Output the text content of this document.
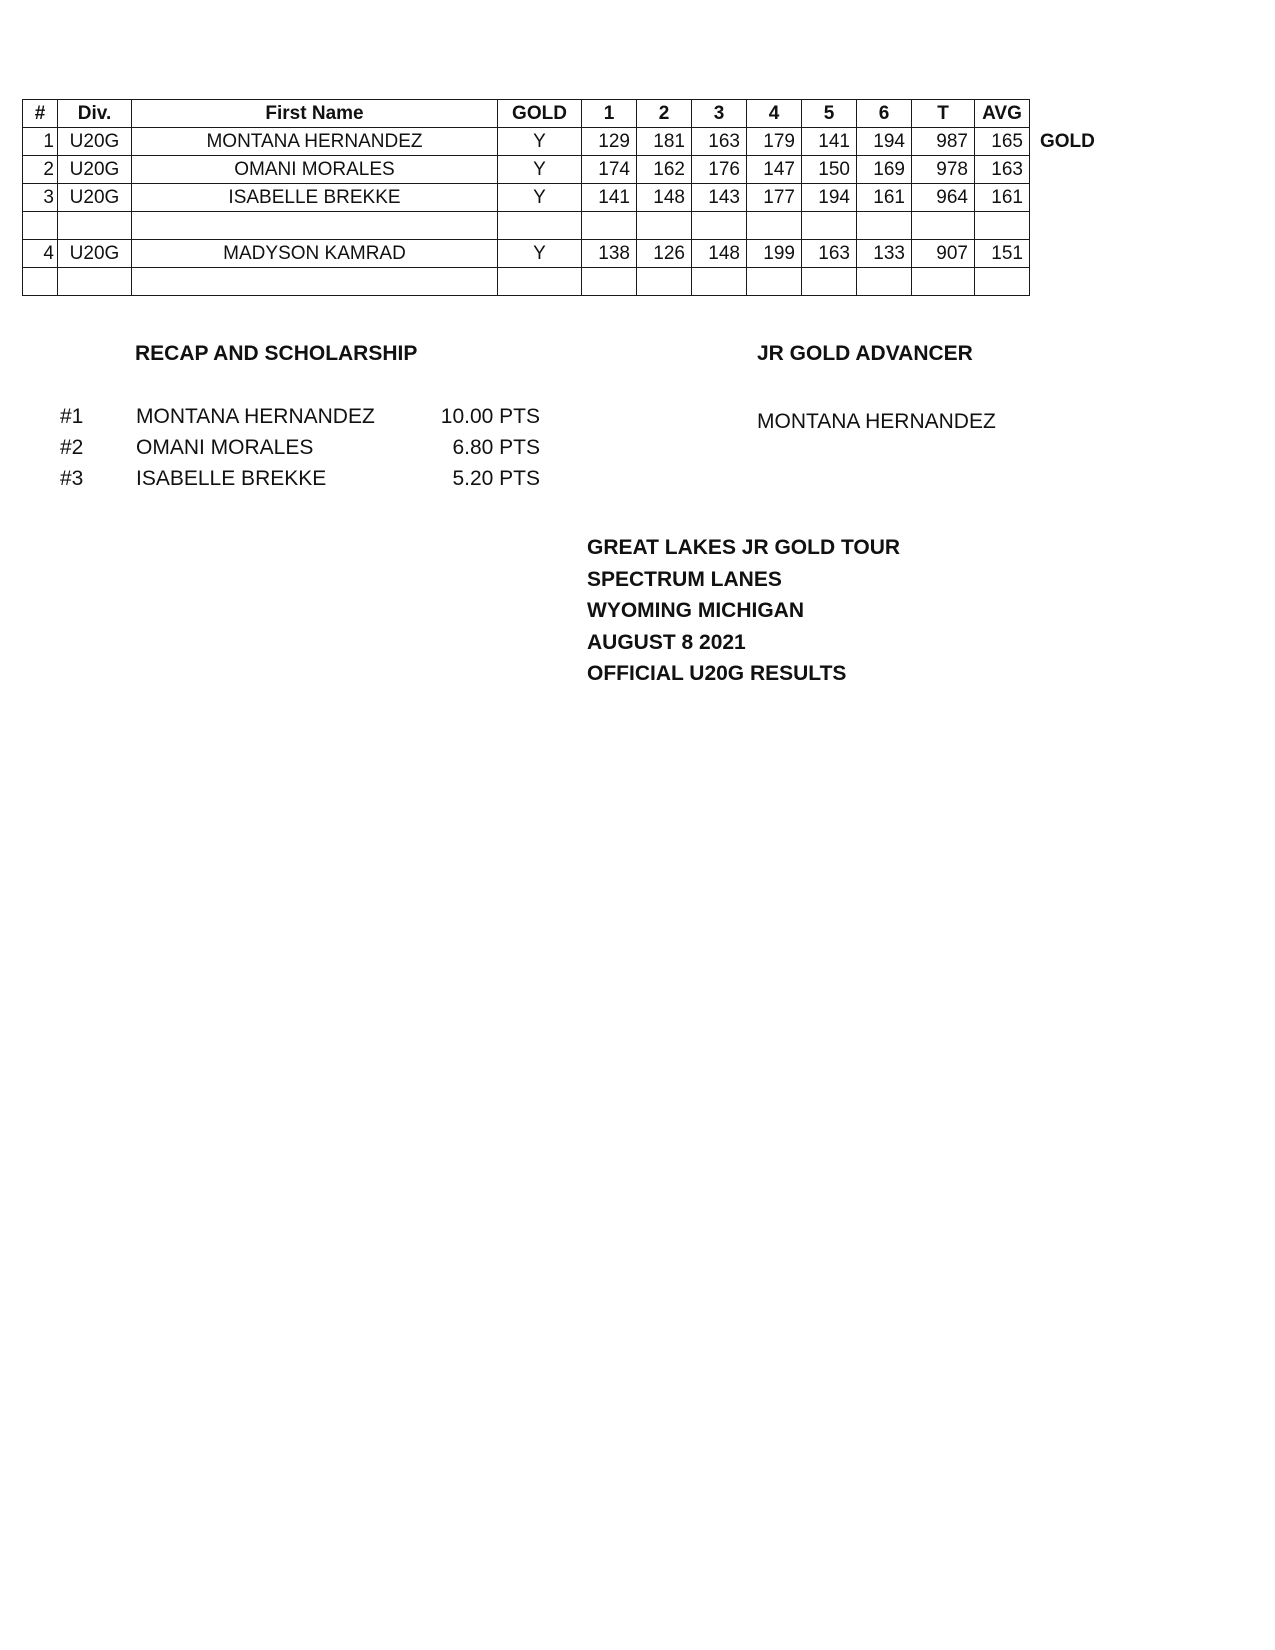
#	Div.	First Name	GOLD	1	2	3	4	5	6	T	AVG
1	U20G	MONTANA HERNANDEZ	Y	129	181	163	179	141	194	987	165
2	U20G	OMANI MORALES	Y	174	162	176	147	150	169	978	163
3	U20G	ISABELLE BREKKE	Y	141	148	143	177	194	161	964	161

4	U20G	MADYSON KAMRAD	Y	138	126	148	199	163	133	907	151

GOLD
RECAP AND SCHOLARSHIP	JR GOLD ADVANCER
#1	MONTANA HERNANDEZ	10.00 PTS
#2	OMANI MORALES	6.80 PTS
#3	ISABELLE BREKKE	5.20 PTS
MONTANA HERNANDEZ
GREAT LAKES JR GOLD TOUR
SPECTRUM LANES
WYOMING MICHIGAN
AUGUST 8 2021
OFFICIAL U20G RESULTS
